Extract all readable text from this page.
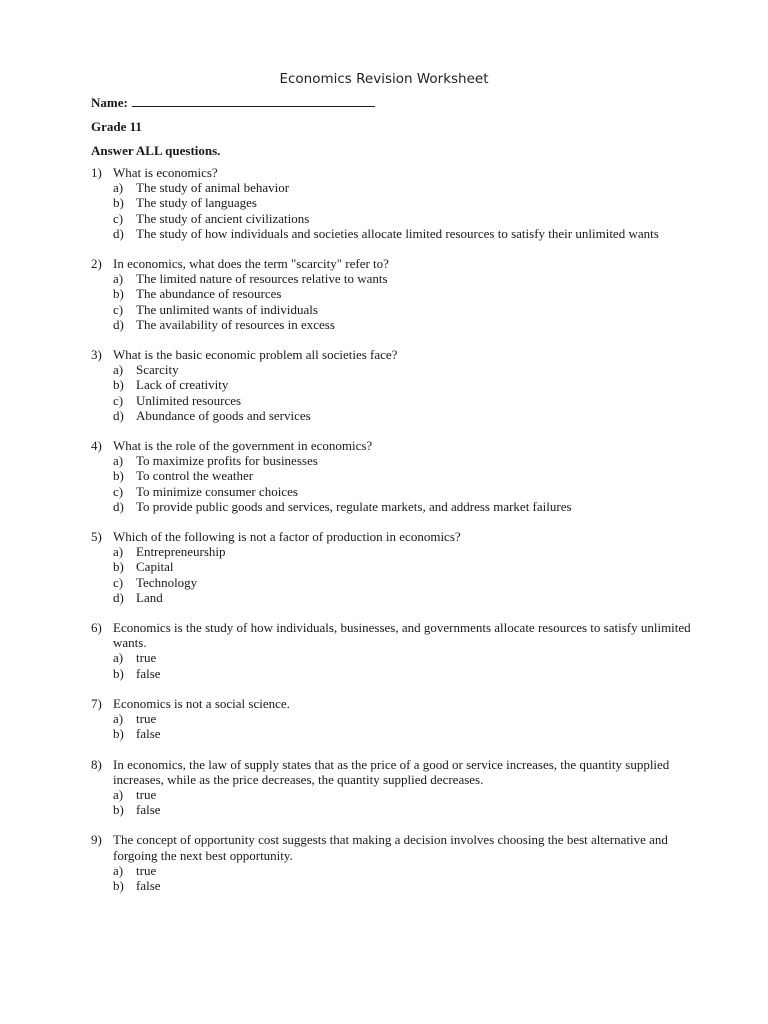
Economics Revision Worksheet
Name:
Grade 11
Answer ALL questions.
1) What is economics?
a) The study of animal behavior
b) The study of languages
c) The study of ancient civilizations
d) The study of how individuals and societies allocate limited resources to satisfy their unlimited wants
2) In economics, what does the term "scarcity" refer to?
a) The limited nature of resources relative to wants
b) The abundance of resources
c) The unlimited wants of individuals
d) The availability of resources in excess
3) What is the basic economic problem all societies face?
a) Scarcity
b) Lack of creativity
c) Unlimited resources
d) Abundance of goods and services
4) What is the role of the government in economics?
a) To maximize profits for businesses
b) To control the weather
c) To minimize consumer choices
d) To provide public goods and services, regulate markets, and address market failures
5) Which of the following is not a factor of production in economics?
a) Entrepreneurship
b) Capital
c) Technology
d) Land
6) Economics is the study of how individuals, businesses, and governments allocate resources to satisfy unlimited wants.
a) true
b) false
7) Economics is not a social science.
a) true
b) false
8) In economics, the law of supply states that as the price of a good or service increases, the quantity supplied increases, while as the price decreases, the quantity supplied decreases.
a) true
b) false
9) The concept of opportunity cost suggests that making a decision involves choosing the best alternative and forgoing the next best opportunity.
a) true
b) false
